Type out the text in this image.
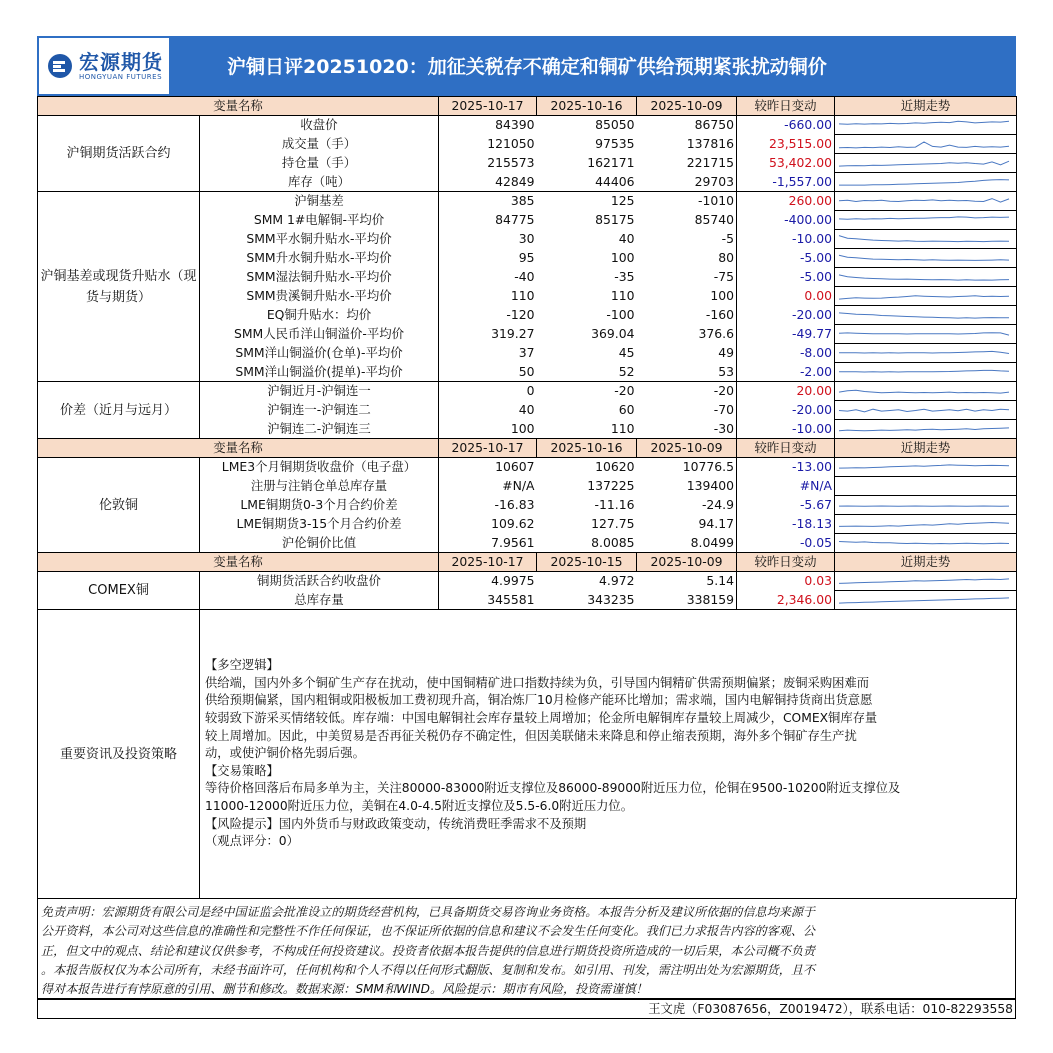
宏源期货
HONGYUAN FUTURES	沪铜日评20251020：加征关税存不确定和铜矿供给预期紧张扰动铜价
变量名称		2025-10-17	2025-10-16	2025-10-09	较昨日变动	近期走势
沪铜期货活跃合约	收盘价	84390	85050	86750	-660.00	

	成交量（手）	121050	97535	137816	23,515.00	

	持仓量（手）	215573	162171	221715	53,402.00	

	库存（吨）	42849	44406	29703	-1,557.00	

沪铜基差或现货升贴水（现货与期货）	沪铜基差	385	125	-1010	260.00	

	SMM 1#电解铜-平均价	84775	85175	85740	-400.00	

	SMM平水铜升贴水-平均价	30	40	-5	-10.00	

	SMM升水铜升贴水-平均价	95	100	80	-5.00	

	SMM湿法铜升贴水-平均价	-40	-35	-75	-5.00	

	SMM贵溪铜升贴水-平均价	110	110	100	0.00	

	EQ铜升贴水：均价	-120	-100	-160	-20.00	

	SMM人民币洋山铜溢价-平均价	319.27	369.04	376.6	-49.77	

	SMM洋山铜溢价(仓单)-平均价	37	45	49	-8.00	

	SMM洋山铜溢价(提单)-平均价	50	52	53	-2.00	

价差（近月与远月）	沪铜近月-沪铜连一	0	-20	-20	20.00	

	沪铜连一-沪铜连二	40	60	-70	-20.00	

	沪铜连二-沪铜连三	100	110	-30	-10.00	

变量名称		2025-10-17	2025-10-16	2025-10-09	较昨日变动	近期走势
伦敦铜	LME3个月铜期货收盘价（电子盘）	10607	10620	10776.5	-13.00	

	注册与注销仓单总库存量	#N/A	137225	139400	#N/A	

	LME铜期货0-3个月合约价差	-16.83	-11.16	-24.9	-5.67	

	LME铜期货3-15个月合约价差	109.62	127.75	94.17	-18.13	

	沪伦铜价比值	7.9561	8.0085	8.0499	-0.05	

变量名称		2025-10-17	2025-10-15	2025-10-09	较昨日变动	近期走势
COMEX铜	铜期货活跃合约收盘价	4.9975	4.972	5.14	0.03	

	总库存量	345581	343235	338159	2,346.00	
重要资讯及投资策略	
【多空逻辑】
供给端，国内外多个铜矿生产存在扰动，使中国铜精矿进口指数持续为负，引导国内铜精矿供需预期偏紧；废铜采购困难而
供给预期偏紧，国内粗铜或阳极板加工费初现升高，铜冶炼厂10月检修产能环比增加；需求端，国内电解铜持货商出货意愿
较弱致下游采买情绪较低。库存端：中国电解铜社会库存量较上周增加；伦金所电解铜库存量较上周减少，COMEX铜库存量
较上周增加。因此，中美贸易是否再征关税仍存不确定性，但因美联储未来降息和停止缩表预期，海外多个铜矿存生产扰
动，或使沪铜价格先弱后强。
【交易策略】
等待价格回落后布局多单为主，关注80000-83000附近支撑位及86000-89000附近压力位，伦铜在9500-10200附近支撑位及
11000-12000附近压力位，美铜在4.0-4.5附近支撑位及5.5-6.0附近压力位。
【风险提示】国内外货币与财政政策变动，传统消费旺季需求不及预期
（观点评分：0）
免责声明：宏源期货有限公司是经中国证监会批准设立的期货经营机构，已具备期货交易咨询业务资格。本报告分析及建议所依据的信息均来源于
公开资料，本公司对这些信息的准确性和完整性不作任何保证，也不保证所依据的信息和建议不会发生任何变化。我们已力求报告内容的客观、公
正，但文中的观点、结论和建议仅供参考，不构成任何投资建议。投资者依据本报告提供的信息进行期货投资所造成的一切后果，本公司概不负责
。本报告版权仅为本公司所有，未经书面许可，任何机构和个人不得以任何形式翻版、复制和发布。如引用、刊发，需注明出处为宏源期货，且不
得对本报告进行有悖原意的引用、删节和修改。数据来源：SMM和WIND。风险提示：期市有风险，投资需谨慎！
王文虎（F03087656，Z0019472），联系电话：010-82293558
